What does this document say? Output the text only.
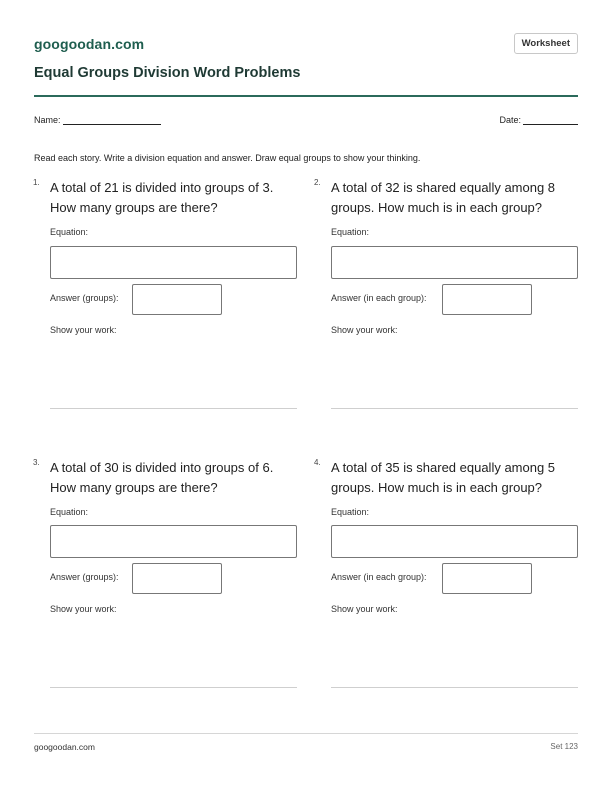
googoodan.com	Worksheet
Equal Groups Division Word Problems
Name:	Date:
Read each story. Write a division equation and answer. Draw equal groups to show your thinking.
1. A total of 21 is divided into groups of 3.
How many groups are there?
Equation:
Answer (groups):
Show your work:
2. A total of 32 is shared equally among 8
groups. How much is in each group?
Equation:
Answer (in each group):
Show your work:
3. A total of 30 is divided into groups of 6.
How many groups are there?
Equation:
Answer (groups):
Show your work:
4. A total of 35 is shared equally among 5
groups. How much is in each group?
Equation:
Answer (in each group):
Show your work:
googoodan.com	Set 123
